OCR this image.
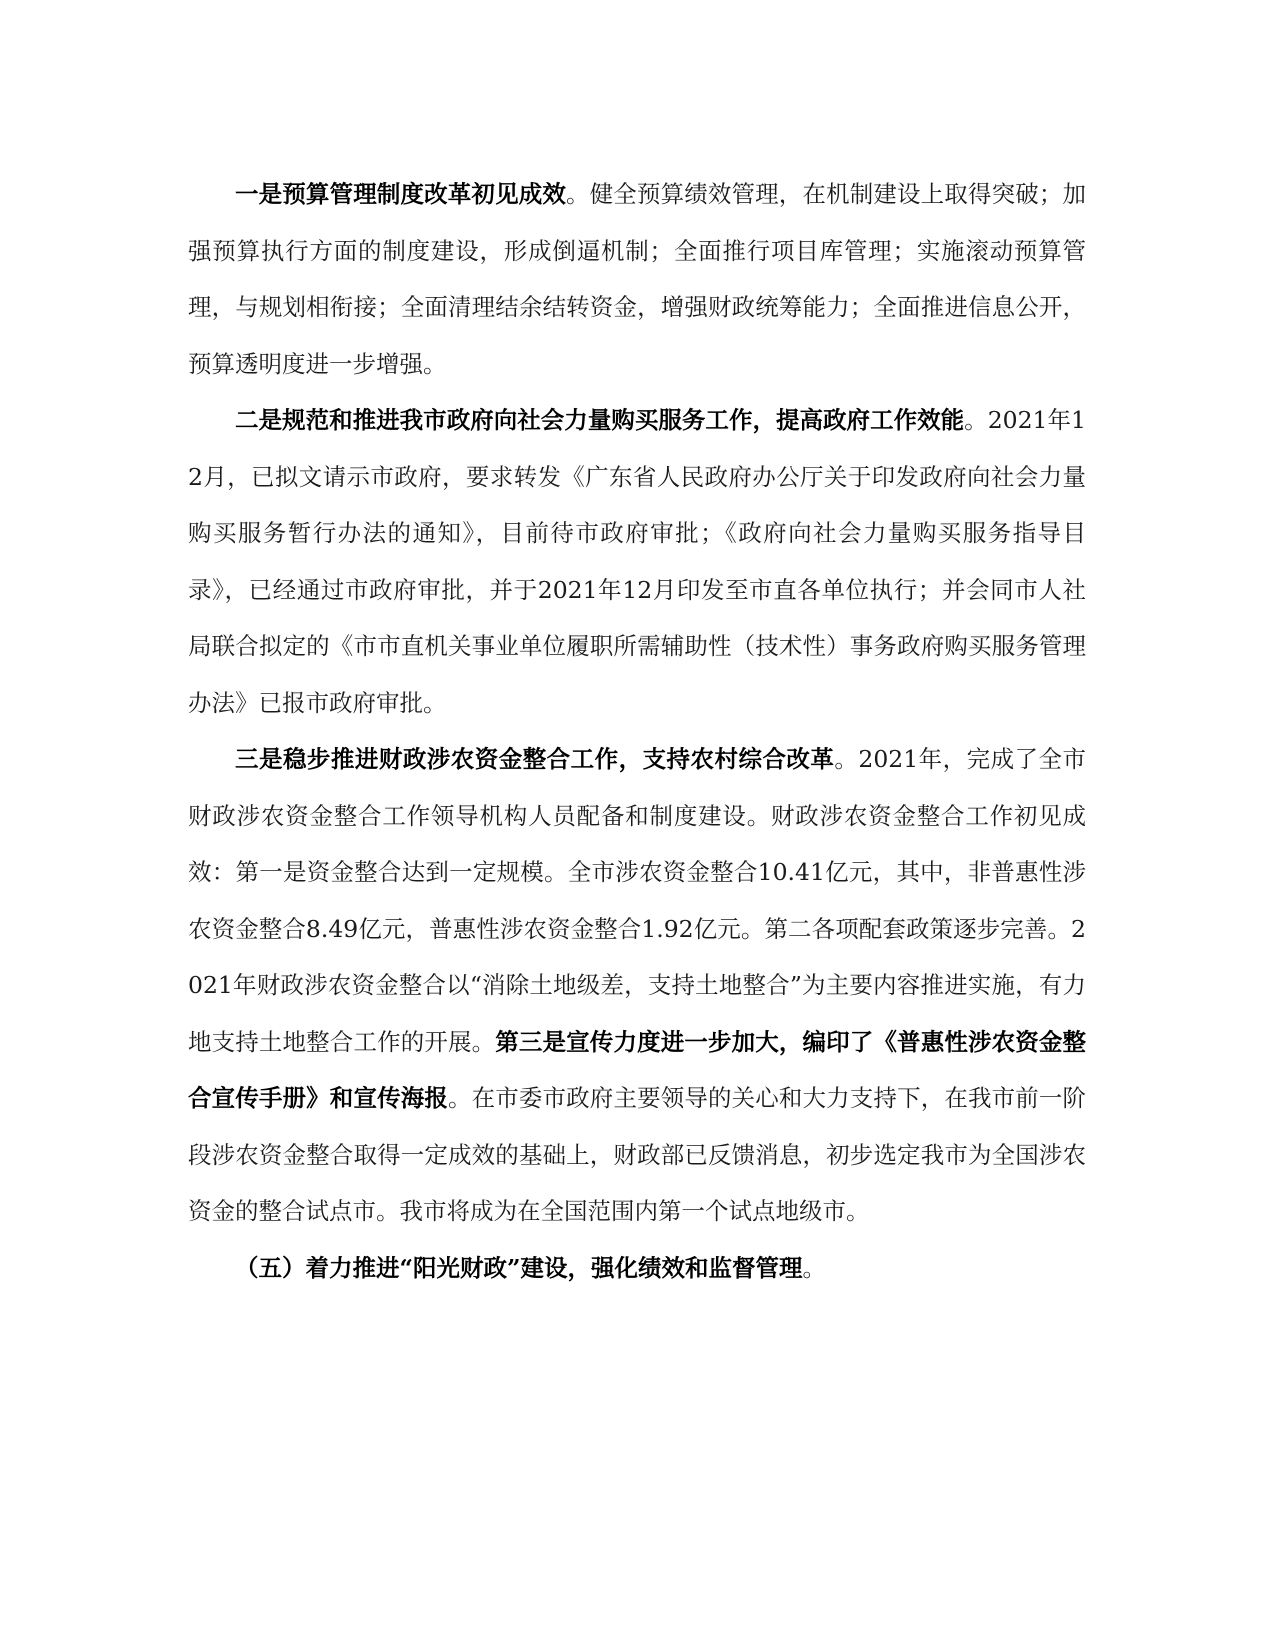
一是预算管理制度改革初见成效。健全预算绩效管理，在机制建设上取得突破；加强预算执行方面的制度建设，形成倒逼机制；全面推行项目库管理；实施滚动预算管理，与规划相衔接；全面清理结余结转资金，增强财政统筹能力；全面推进信息公开，预算透明度进一步增强。

二是规范和推进我市政府向社会力量购买服务工作，提高政府工作效能。2021年12月，已拟文请示市政府，要求转发《广东省人民政府办公厅关于印发政府向社会力量购买服务暂行办法的通知》，目前待市政府审批；《政府向社会力量购买服务指导目录》，已经通过市政府审批，并于2021年12月印发至市直各单位执行；并会同市人社局联合拟定的《市市直机关事业单位履职所需辅助性（技术性）事务政府购买服务管理办法》已报市政府审批。

三是稳步推进财政涉农资金整合工作，支持农村综合改革。2021年，完成了全市财政涉农资金整合工作领导机构人员配备和制度建设。财政涉农资金整合工作初见成效：第一是资金整合达到一定规模。全市涉农资金整合10.41亿元，其中，非普惠性涉农资金整合8.49亿元，普惠性涉农资金整合1.92亿元。第二各项配套政策逐步完善。2021年财政涉农资金整合以“消除土地级差，支持土地整合”为主要内容推进实施，有力地支持土地整合工作的开展。第三是宣传力度进一步加大，编印了《普惠性涉农资金整合宣传手册》和宣传海报。在市委市政府主要领导的关心和大力支持下，在我市前一阶段涉农资金整合取得一定成效的基础上，财政部已反馈消息，初步选定我市为全国涉农资金的整合试点市。我市将成为在全国范围内第一个试点地级市。

（五）着力推进“阳光财政”建设，强化绩效和监督管理。
